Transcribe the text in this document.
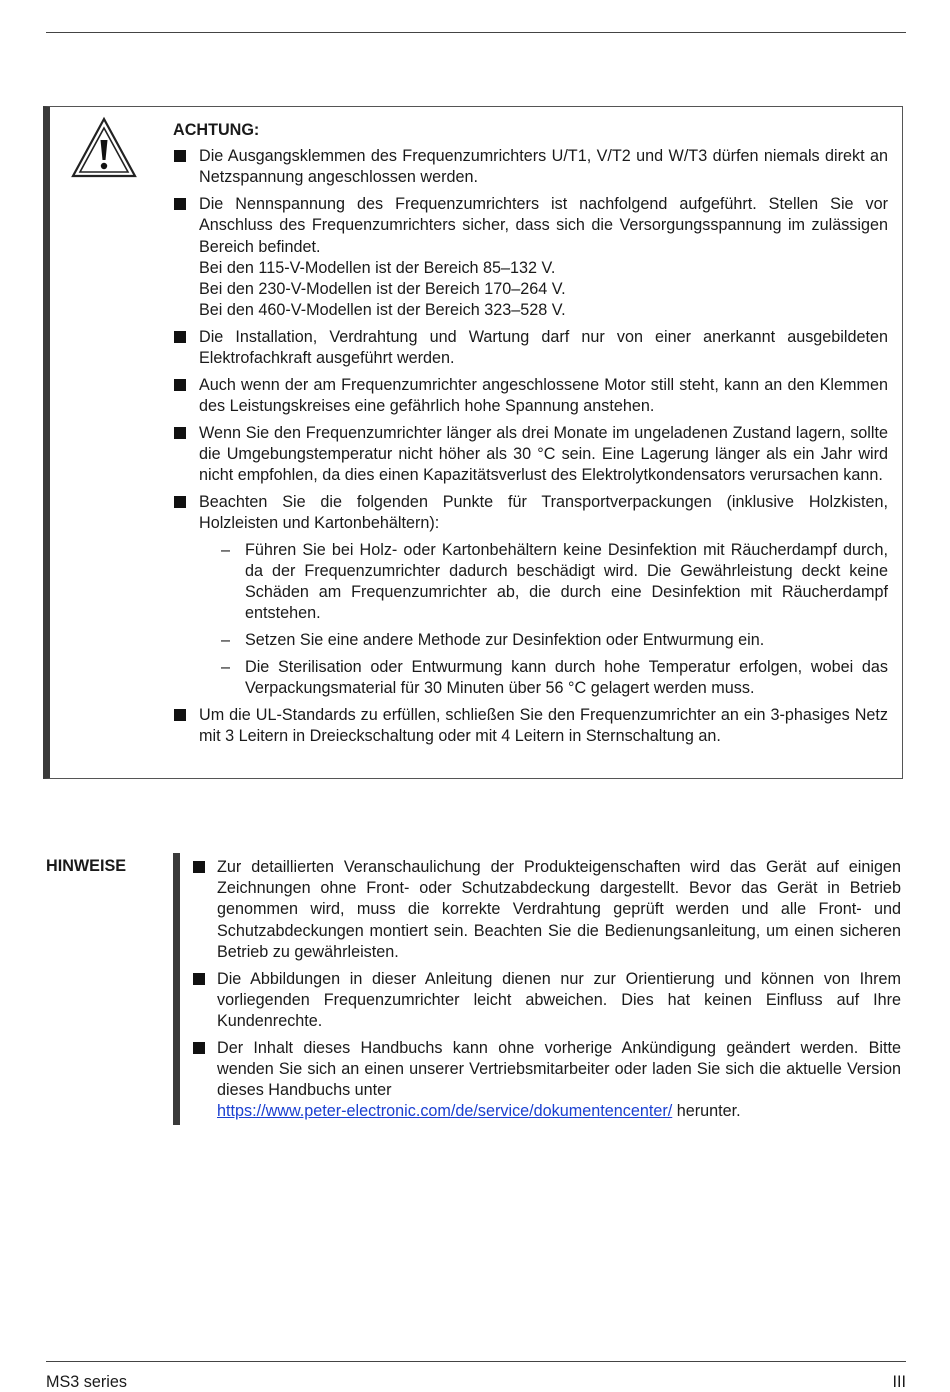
ACHTUNG:
Die Ausgangsklemmen des Frequenzumrichters U/T1, V/T2 und W/T3 dürfen niemals direkt an Netzspannung angeschlossen werden.
Die Nennspannung des Frequenzumrichters ist nachfolgend aufgeführt. Stellen Sie vor Anschluss des Frequenzumrichters sicher, dass sich die Versorgungsspannung im zulässigen Bereich befindet.
Bei den 115-V-Modellen ist der Bereich 85–132 V.
Bei den 230-V-Modellen ist der Bereich 170–264 V.
Bei den 460-V-Modellen ist der Bereich 323–528 V.
Die Installation, Verdrahtung und Wartung darf nur von einer anerkannt ausgebildeten Elektrofachkraft ausgeführt werden.
Auch wenn der am Frequenzumrichter angeschlossene Motor still steht, kann an den Klemmen des Leistungskreises eine gefährlich hohe Spannung anstehen.
Wenn Sie den Frequenzumrichter länger als drei Monate im ungeladenen Zustand lagern, sollte die Umgebungstemperatur nicht höher als 30 °C sein. Eine Lagerung länger als ein Jahr wird nicht empfohlen, da dies einen Kapazitätsverlust des Elektrolytkondensators verursachen kann.
Beachten Sie die folgenden Punkte für Transportverpackungen (inklusive Holzkisten, Holzleisten und Kartonbehältern):
– Führen Sie bei Holz- oder Kartonbehältern keine Desinfektion mit Räucherdampf durch, da der Frequenzumrichter dadurch beschädigt wird. Die Gewährleistung deckt keine Schäden am Frequenzumrichter ab, die durch eine Desinfektion mit Räucherdampf entstehen.
– Setzen Sie eine andere Methode zur Desinfektion oder Entwurmung ein.
– Die Sterilisation oder Entwurmung kann durch hohe Temperatur erfolgen, wobei das Verpackungsmaterial für 30 Minuten über 56 °C gelagert werden muss.
Um die UL-Standards zu erfüllen, schließen Sie den Frequenzumrichter an ein 3-phasiges Netz mit 3 Leitern in Dreieckschaltung oder mit 4 Leitern in Sternschaltung an.
HINWEISE	Zur detaillierten Veranschaulichung der Produkteigenschaften wird das Gerät auf einigen Zeichnungen ohne Front- oder Schutzabdeckung dargestellt. Bevor das Gerät in Betrieb genommen wird, muss die korrekte Verdrahtung geprüft werden und alle Front- und Schutzabdeckungen montiert sein. Beachten Sie die Bedienungsanleitung, um einen sicheren Betrieb zu gewährleisten.
Die Abbildungen in dieser Anleitung dienen nur zur Orientierung und können von Ihrem vorliegenden Frequenzumrichter leicht abweichen. Dies hat keinen Einfluss auf Ihre Kundenrechte.
Der Inhalt dieses Handbuchs kann ohne vorherige Ankündigung geändert werden. Bitte wenden Sie sich an einen unserer Vertriebsmitarbeiter oder laden Sie sich die aktuelle Version dieses Handbuchs unter
https://www.peter-electronic.com/de/service/dokumentencenter/ herunter.
MS3 series	III
